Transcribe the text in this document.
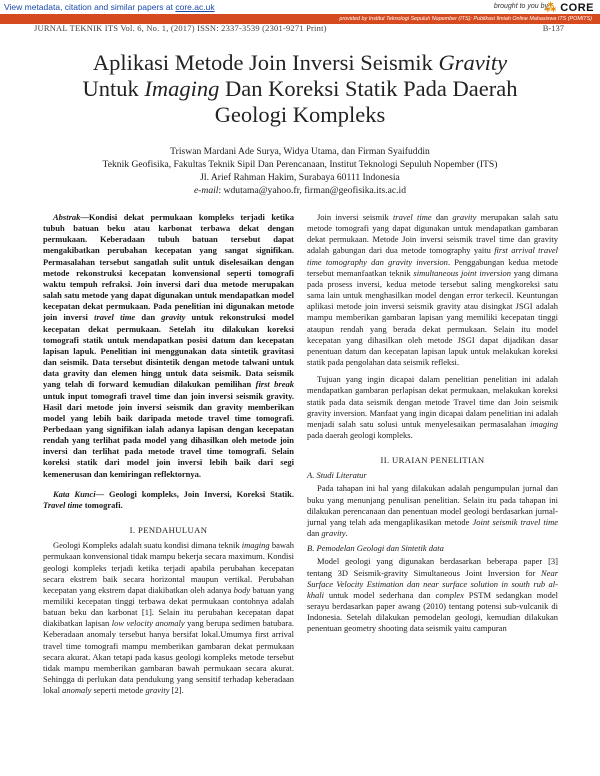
View metadata, citation and similar papers at core.ac.uk	brought to you by
⁂ CORE
provided by Institut Teknologi Sepuluh Nopember (ITS): Publikasi Ilmiah Online Mahasiswa ITS (POMITS)
JURNAL TEKNIK ITS Vol. 6, No. 1, (2017) ISSN: 2337-3539 (2301-9271 Print)	B-137
Aplikasi Metode Join Inversi Seismik Gravity
Untuk Imaging Dan Koreksi Statik Pada Daerah
Geologi Kompleks
Triswan Mardani Ade Surya, Widya Utama, dan Firman Syaifuddin
Teknik Geofisika, Fakultas Teknik Sipil Dan Perencanaan, Institut Teknologi Sepuluh Nopember (ITS)
Jl. Arief Rahman Hakim, Surabaya 60111 Indonesia
e-mail: wdutama@yahoo.fr, firman@geofisika.its.ac.id

Abstrak—Kondisi dekat permukaan kompleks terjadi ketika tubuh batuan beku atau karbonat terbawa dekat dengan permukaan. Keberadaan tubuh batuan tersebut dapat mengakibatkan perubahan kecepatan yang sangat signifikan. Permasalahan tersebut sangatlah sulit untuk diselesaikan dengan metode rekonstruksi kecepatan konvensional seperti tomografi waktu tempuh refraksi. Join inversi dari dua metode merupakan salah satu metode yang dapat digunakan untuk mendapatkan model kecepatan dekat permukaan. Pada penelitian ini digunakan metode join inversi travel time dan gravity untuk rekonstruksi model kecepatan dekat permukaan. Setelah itu dilakukan koreksi tomografi statik untuk mendapatkan posisi datum dan kecepatan lapisan lapuk. Penelitian ini menggunakan data sintetik gravitasi dan seismik. Data tersebut disintetik dengan metode talwani untuk data gravity dan elemen hingg untuk data seismik. Data seismik yang telah di forward kemudian dilakukan pemilihan first break untuk input tomografi travel time dan join inversi seismik gravity. Hasil dari metode join inversi seismik dan gravity memberikan model yang lebih baik daripada metode travel time tomografi. Perbedaan yang signifikan ialah adanya lapisan dengan kecepatan rendah yang terlihat pada model yang dihasilkan oleh metode join inversi dan terlihat pada metode travel time tomografi. Selain koreksi statik dari model join inversi lebih baik dari segi kemenerusan dan kemiringan reflektornya.

Kata Kunci— Geologi kompleks, Join Inversi, Koreksi Statik. Travel time tomografi.

I. PENDAHULUAN

Geologi Kompleks adalah suatu kondisi dimana teknik imaging bawah permukaan konvensional tidak mampu bekerja secara maximum. Kondisi geologi kompleks terjadi ketika terjadi apabila perubahan kecepatan secara ekstrem baik secara horizontal maupun vertikal. Perubahan kecepatan yang ekstrem dapat diakibatkan oleh adanya body batuan yang memiliki kecepatan tinggi terbawa dekat permukaan contohnya adalah batuan beku dan karbonat [1]. Selain itu perubahan kecepatan dapat diakibatkan lapisan low velocity anomaly yang berupa sedimen batubara. Keberadaan anomaly tersebut hanya bersifat lokal.Umumya first arrival travel time tomografi mampu memberikan gambaran dekat permukaan secara akurat. Akan tetapi pada kasus geologi kompleks metode tersebut tidak mampu memberikan gambaran bawah permukaan secara akurat. Sehingga di perlukan data pendukung yang sensitif terhadap keberadaan lokal anomaly seperti metode gravity [2].

Join inversi seismik travel time dan gravity merupakan salah satu metode tomografi yang dapat digunakan untuk mendapatkan gambaran dekat permukaan. Metode Join inversi seismik travel time dan gravity adalah gabungan dari dua metode tomography yaitu first arrival travel time tomography dan gravity inversion. Penggabungan kedua metode tersebut memanfaatkan teknik simultaneous joint inversion yang dimana pada prosess inversi, kedua metode tersebut saling mengkoreksi satu sama lain untuk menghasilkan model dengan error terkecil. Keuntungan aplikasi metode join inversi seismik gravity atau disingkat JSGI adalah mampu memberikan gambaran lapisan yang memiliki kecepatan tinggi ataupun rendah yang berada dekat permukaan. Selain itu model kecepatan yang dihasilkan oleh metode JSGI dapat dijadikan dasar penentuan datum dan kecepatan lapisan lapuk untuk melakukan koreksi statik pada pengolahan data seismik refleksi.

Tujuan yang ingin dicapai dalam penelitian penelitian ini adalah mendapatkan gambaran perlapisan dekat permukaan, melakukan koreksi statik pada data seismik dengan metode Travel time dan Join seismik gravity inversion. Manfaat yang ingin dicapai dalam penelitian ini adalah menjadi salah satu solusi untuk menyelesaikan permasalahan imaging pada daerah geologi kompleks.

II. URAIAN PENELITIAN
A. Studi Literatur

Pada tahapan ini hal yang dilakukan adalah pengumpulan jurnal dan buku yang menunjang penulisan penelitian. Selain itu pada tahapan ini dilakukan perencanaan dan penentuan model geologi berdasarkan jurnal-jurnal yang telah ada mengaplikasikan metode Joint seismik travel time dan gravity.

B. Pemodelan Geologi dan Sintetik data

Model geologi yang digunakan berdasarkan beberapa paper [3] tentang 3D Seismik-gravity Simultaneous Joint Inversion for Near Surface Velocity Estimation dan near surface solution in south rub al-khali untuk model sederhana dan complex PSTM sedangkan model serayu berdasarkan paper awang (2010) tentang potensi sub-vulcanik di Indonesia. Setelah dilakukan pemodelan geologi, kemudian dilakukan penentuan geometry shooting data seismik yaitu campuran
